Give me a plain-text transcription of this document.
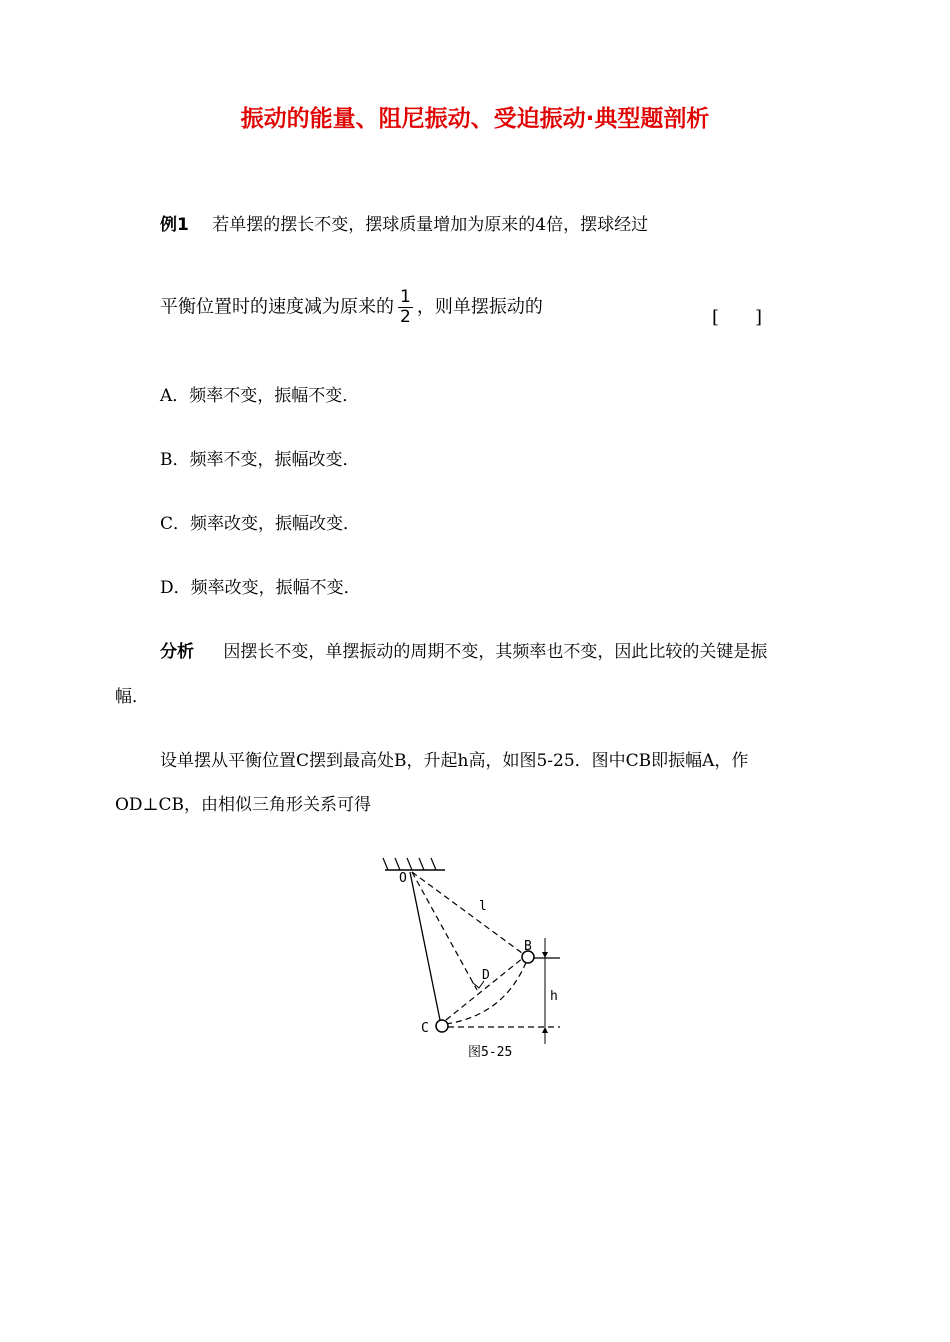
振动的能量、阻尼振动、受迫振动·典型题剖析
例1 若单摆的摆长不变，摆球质量增加为原来的4倍，摆球经过
平衡位置时的速度减为原来的 $\frac{1}{2}$ ，则单摆振动的	[　　]
A．频率不变，振幅不变．
B．频率不变，振幅改变．
C．频率改变，振幅改变．
D．频率改变，振幅不变．
分析 因摆长不变，单摆振动的周期不变，其频率也不变，因此比较的关键是振
幅．
设单摆从平衡位置C摆到最高处B，升起h高，如图5-25．图中CB即振幅A，作
OD⊥CB，由相似三角形关系可得
O
l
B
D
h
C
图5-25
